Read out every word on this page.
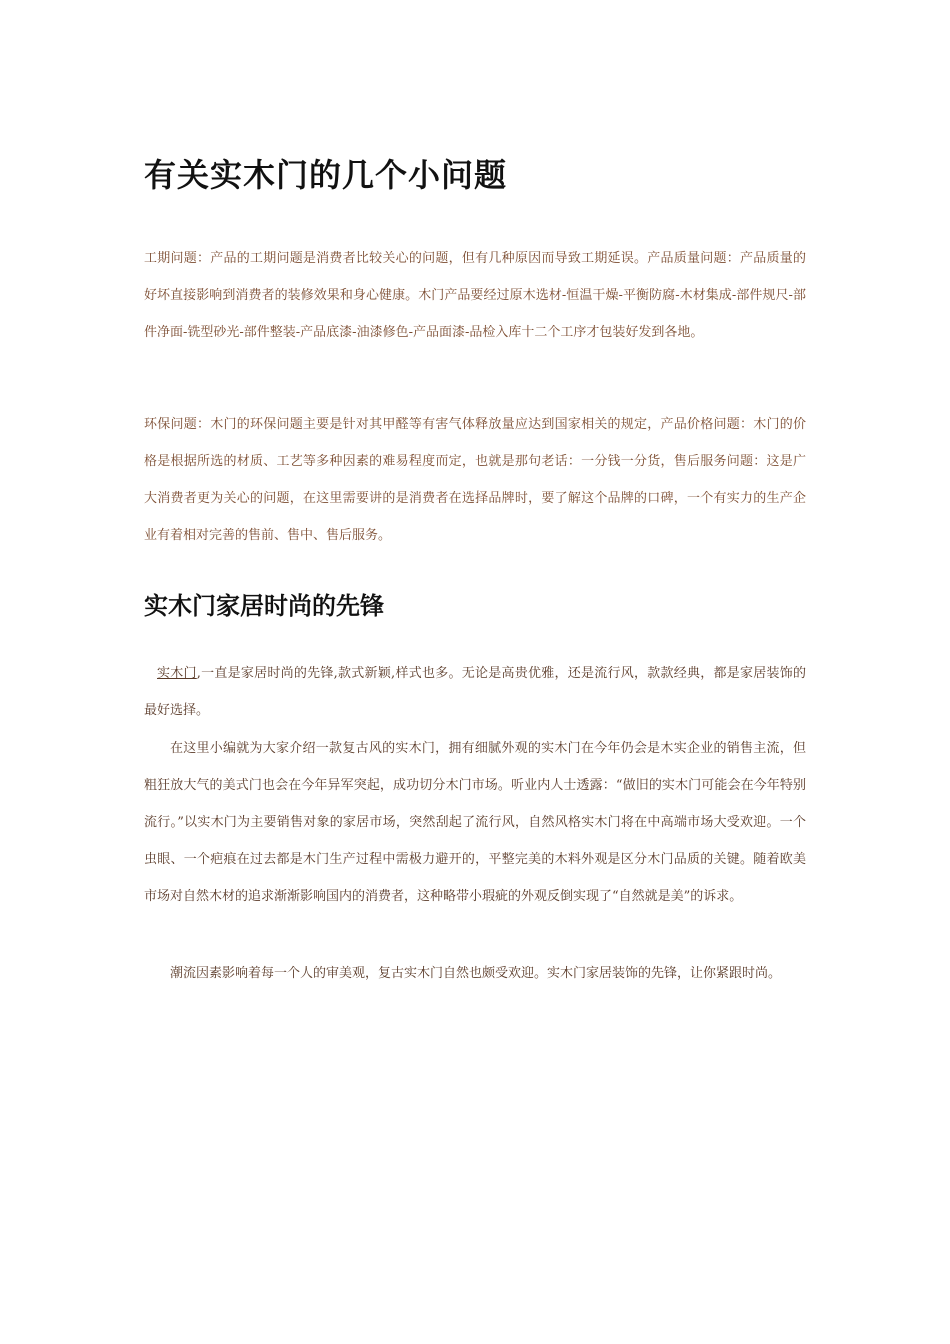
有关实木门的几个小问题

工期问题：产品的工期问题是消费者比较关心的问题，但有几种原因而导致工期延误。产品质量问题：产品质量的好坏直接影响到消费者的装修效果和身心健康。木门产品要经过原木选材-恒温干燥-平衡防腐-木材集成-部件规尺-部件净面-铣型砂光-部件整装-产品底漆-油漆修色-产品面漆-品检入库十二个工序才包装好发到各地。

环保问题：木门的环保问题主要是针对其甲醛等有害气体释放量应达到国家相关的规定，产品价格问题：木门的价格是根据所选的材质、工艺等多种因素的难易程度而定，也就是那句老话：一分钱一分货，售后服务问题：这是广大消费者更为关心的问题，在这里需要讲的是消费者在选择品牌时，要了解这个品牌的口碑，一个有实力的生产企业有着相对完善的售前、售中、售后服务。

实木门家居时尚的先锋

实木门,一直是家居时尚的先锋,款式新颖,样式也多。无论是高贵优雅，还是流行风，款款经典，都是家居装饰的最好选择。

在这里小编就为大家介绍一款复古风的实木门，拥有细腻外观的实木门在今年仍会是木实企业的销售主流，但粗狂放大气的美式门也会在今年异军突起，成功切分木门市场。听业内人士透露：“做旧的实木门可能会在今年特别流行。”以实木门为主要销售对象的家居市场，突然刮起了流行风，自然风格实木门将在中高端市场大受欢迎。一个虫眼、一个疤痕在过去都是木门生产过程中需极力避开的，平整完美的木料外观是区分木门品质的关键。随着欧美市场对自然木材的追求渐渐影响国内的消费者，这种略带小瑕疵的外观反倒实现了“自然就是美”的诉求。

潮流因素影响着每一个人的审美观，复古实木门自然也颇受欢迎。实木门家居装饰的先锋，让你紧跟时尚。
